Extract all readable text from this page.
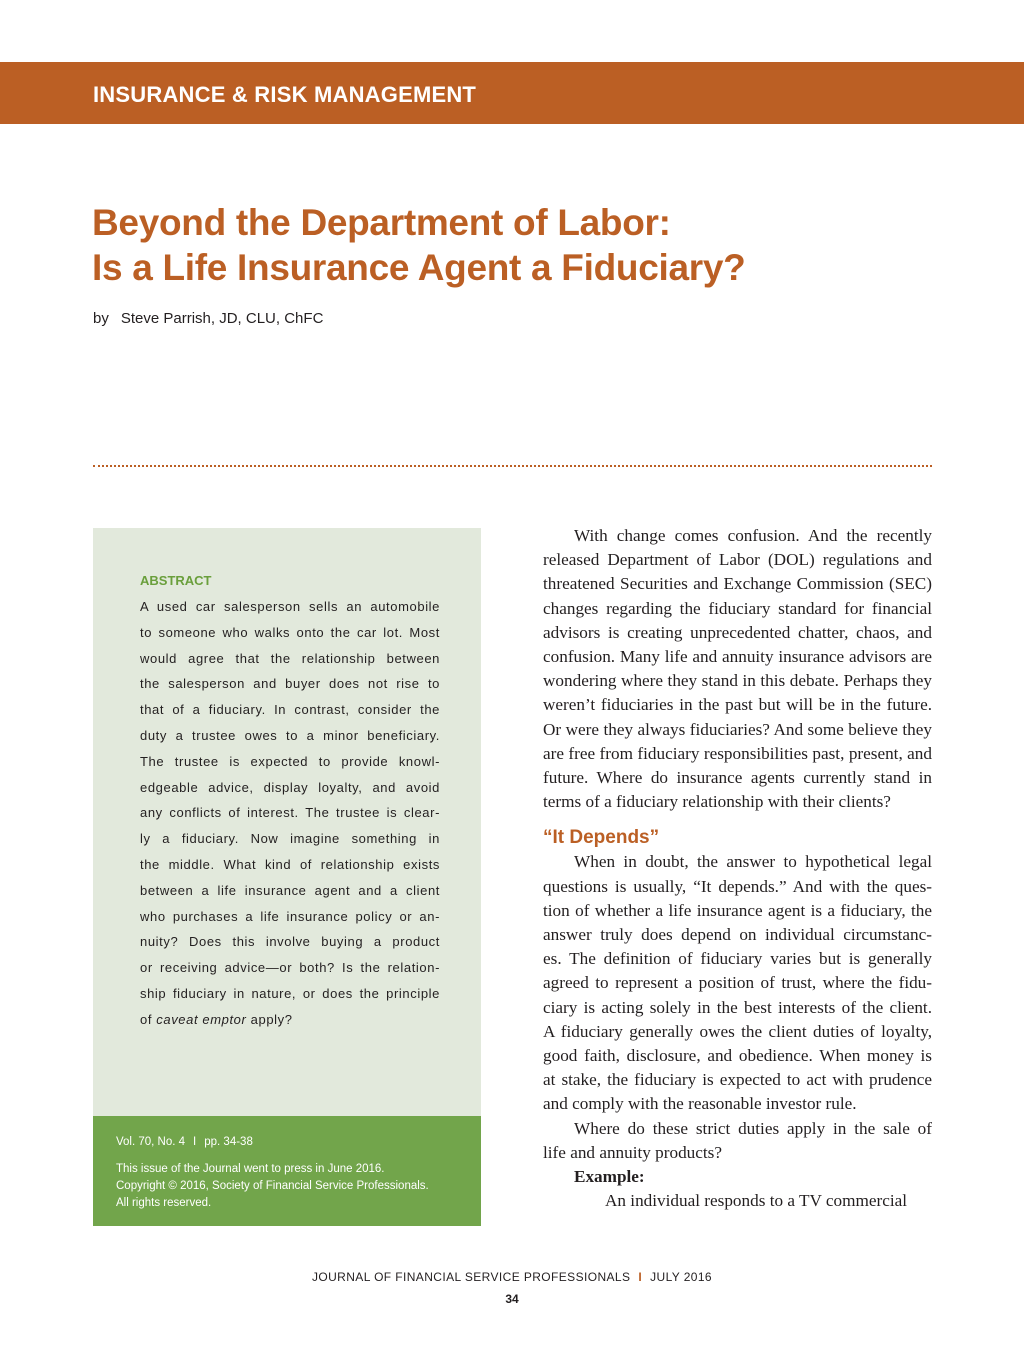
INSURANCE & RISK MANAGEMENT
Beyond the Department of Labor:
Is a Life Insurance Agent a Fiduciary?
by Steve Parrish, JD, CLU, ChFC
ABSTRACT
A used car salesperson sells an automobile
to someone who walks onto the car lot. Most
would agree that the relationship between
the salesperson and buyer does not rise to
that of a fiduciary. In contrast, consider the
duty a trustee owes to a minor beneficiary.
The trustee is expected to provide knowl-
edgeable advice, display loyalty, and avoid
any conflicts of interest. The trustee is clear-
ly a fiduciary. Now imagine something in
the middle. What kind of relationship exists
between a life insurance agent and a client
who purchases a life insurance policy or an-
nuity? Does this involve buying a product
or receiving advice—or both? Is the relation-
ship fiduciary in nature, or does the principle
of caveat emptor apply?
Vol. 70, No. 4 I pp. 34-38
This issue of the Journal went to press in June 2016.
Copyright © 2016, Society of Financial Service Professionals.
All rights reserved.
With change comes confusion. And the recently
released Department of Labor (DOL) regulations and
threatened Securities and Exchange Commission (SEC)
changes regarding the fiduciary standard for financial
advisors is creating unprecedented chatter, chaos, and
confusion. Many life and annuity insurance advisors are
wondering where they stand in this debate. Perhaps they
weren’t fiduciaries in the past but will be in the future.
Or were they always fiduciaries? And some believe they
are free from fiduciary responsibilities past, present, and
future. Where do insurance agents currently stand in
terms of a fiduciary relationship with their clients?
“It Depends”
When in doubt, the answer to hypothetical legal
questions is usually, “It depends.” And with the ques-
tion of whether a life insurance agent is a fiduciary, the
answer truly does depend on individual circumstanc-
es. The definition of fiduciary varies but is generally
agreed to represent a position of trust, where the fidu-
ciary is acting solely in the best interests of the client.
A fiduciary generally owes the client duties of loyalty,
good faith, disclosure, and obedience. When money is
at stake, the fiduciary is expected to act with prudence
and comply with the reasonable investor rule.
Where do these strict duties apply in the sale of
life and annuity products?
Example:
An individual responds to a TV commercial
JOURNAL OF FINANCIAL SERVICE PROFESSIONALS I JULY 2016
34
